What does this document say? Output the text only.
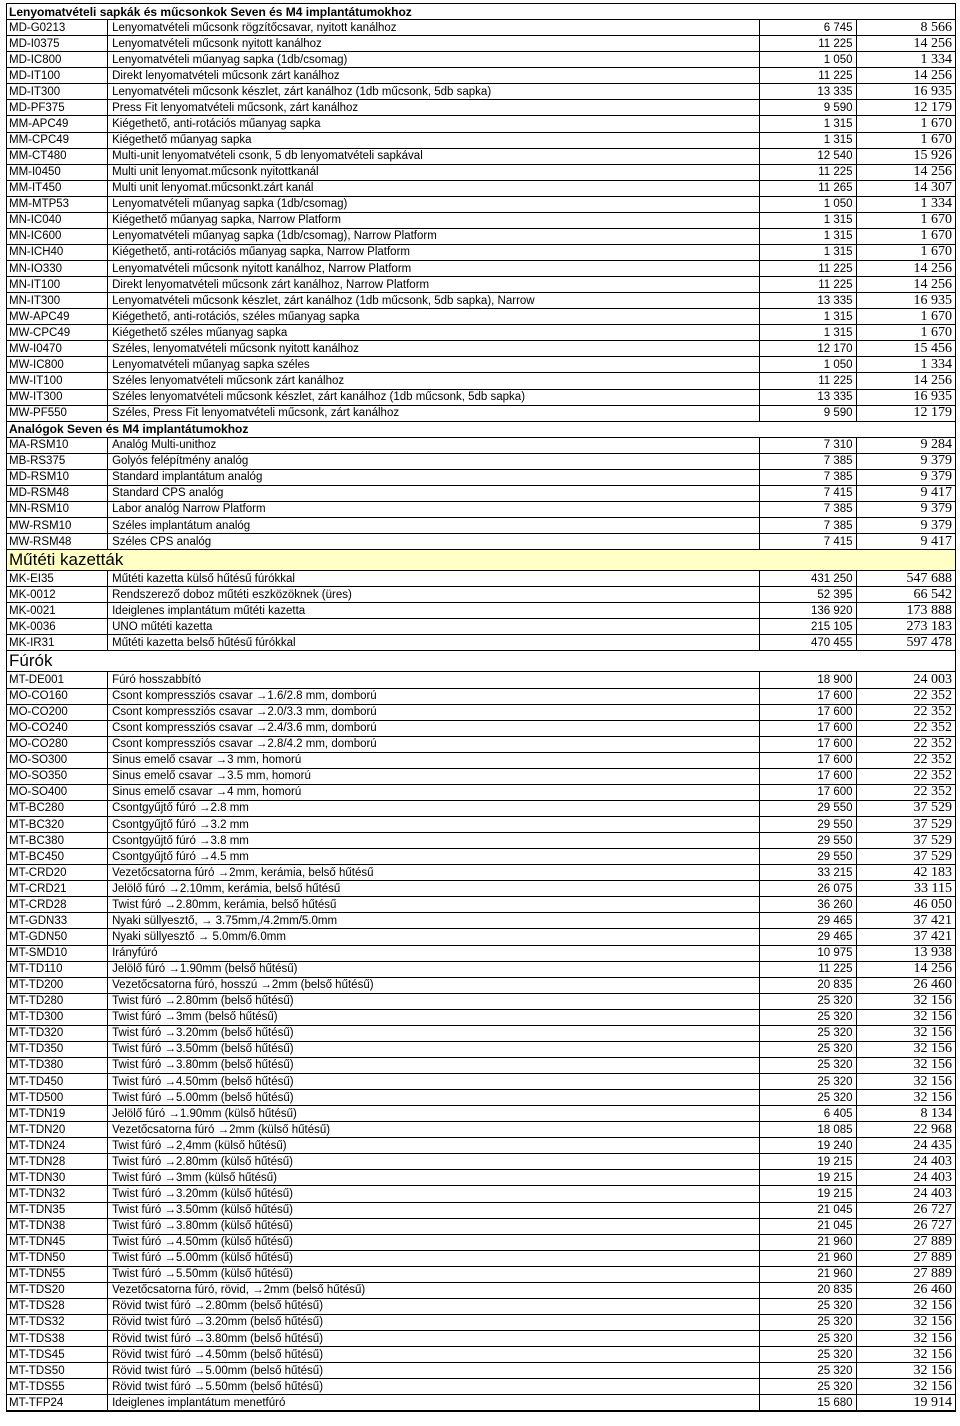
Lenyomatvételi sapkák és műcsonkok Seven és M4 implantátumokhoz
MD-G0213	Lenyomatvételi műcsonk rögzítőcsavar, nyitott kanálhoz	6 745	8 566
MD-I0375	Lenyomatvételi műcsonk nyitott kanálhoz	11 225	14 256
MD-IC800	Lenyomatvételi műanyag sapka (1db/csomag)	1 050	1 334
MD-IT100	Direkt lenyomatvételi műcsonk zárt kanálhoz	11 225	14 256
MD-IT300	Lenyomatvételi műcsonk készlet, zárt kanálhoz (1db műcsonk, 5db sapka)	13 335	16 935
MD-PF375	Press Fit lenyomatvételi műcsonk, zárt kanálhoz	9 590	12 179
MM-APC49	Kiégethető, anti-rotációs műanyag sapka	1 315	1 670
MM-CPC49	Kiégethető műanyag sapka	1 315	1 670
MM-CT480	Multi-unit lenyomatvételi csonk, 5 db lenyomatvételi sapkával	12 540	15 926
MM-I0450	Multi unit lenyomat.műcsonk nyitottkanál	11 225	14 256
MM-IT450	Multi unit lenyomat.műcsonkt.zárt kanál	11 265	14 307
MM-MTP53	Lenyomatvételi műanyag sapka (1db/csomag)	1 050	1 334
MN-IC040	Kiégethető műanyag sapka, Narrow Platform	1 315	1 670
MN-IC600	Lenyomatvételi műanyag sapka (1db/csomag), Narrow Platform	1 315	1 670
MN-ICH40	Kiégethető, anti-rotációs műanyag sapka, Narrow Platform	1 315	1 670
MN-IO330	Lenyomatvételi műcsonk nyitott kanálhoz, Narrow Platform	11 225	14 256
MN-IT100	Direkt lenyomatvételi műcsonk zárt kanálhoz, Narrow Platform	11 225	14 256
MN-IT300	Lenyomatvételi műcsonk készlet, zárt kanálhoz (1db műcsonk, 5db sapka), Narrow	13 335	16 935
MW-APC49	Kiégethető, anti-rotációs, széles műanyag sapka	1 315	1 670
MW-CPC49	Kiégethető széles műanyag sapka	1 315	1 670
MW-I0470	Széles, lenyomatvételi műcsonk nyitott kanálhoz	12 170	15 456
MW-IC800	Lenyomatvételi műanyag sapka széles	1 050	1 334
MW-IT100	Széles lenyomatvételi műcsonk zárt kanálhoz	11 225	14 256
MW-IT300	Széles lenyomatvételi műcsonk készlet, zárt kanálhoz (1db műcsonk, 5db sapka)	13 335	16 935
MW-PF550	Széles, Press Fit lenyomatvételi műcsonk, zárt kanálhoz	9 590	12 179
Analógok Seven és M4 implantátumokhoz
MA-RSM10	Analóg Multi-unithoz	7 310	9 284
MB-RS375	Golyós felépítmény analóg	7 385	9 379
MD-RSM10	Standard implantátum analóg	7 385	9 379
MD-RSM48	Standard CPS analóg	7 415	9 417
MN-RSM10	Labor analóg Narrow Platform	7 385	9 379
MW-RSM10	Széles implantátum analóg	7 385	9 379
MW-RSM48	Széles CPS analóg	7 415	9 417
Műtéti kazetták
MK-EI35	Műtéti kazetta külső hűtésű fúrókkal	431 250	547 688
MK-0012	Rendszerező doboz műtéti eszközöknek (üres)	52 395	66 542
MK-0021	Ideiglenes implantátum műtéti kazetta	136 920	173 888
MK-0036	UNO műtéti kazetta	215 105	273 183
MK-IR31	Műtéti kazetta belső hűtésű fúrókkal	470 455	597 478
Fúrók
MT-DE001	Fúró hosszabbító	18 900	24 003
MO-CO160	Csont kompressziós csavar →1.6/2.8 mm, domború	17 600	22 352
MO-CO200	Csont kompressziós csavar →2.0/3.3 mm, domború	17 600	22 352
MO-CO240	Csont kompressziós csavar →2.4/3.6 mm, domború	17 600	22 352
MO-CO280	Csont kompressziós csavar →2.8/4.2 mm, domború	17 600	22 352
MO-SO300	Sinus emelő csavar →3 mm, homorú	17 600	22 352
MO-SO350	Sinus emelő csavar →3.5 mm, homorú	17 600	22 352
MO-SO400	Sinus emelő csavar →4 mm, homorú	17 600	22 352
MT-BC280	Csontgyűjtő fúró →2.8 mm	29 550	37 529
MT-BC320	Csontgyűjtő fúró →3.2 mm	29 550	37 529
MT-BC380	Csontgyűjtő fúró →3.8 mm	29 550	37 529
MT-BC450	Csontgyűjtő fúró →4.5 mm	29 550	37 529
MT-CRD20	Vezetőcsatorna fúró →2mm, kerámia, belső hűtésű	33 215	42 183
MT-CRD21	Jelölő fúró →2.10mm, kerámia, belső hűtésű	26 075	33 115
MT-CRD28	Twist fúró →2.80mm, kerámia, belső hűtésű	36 260	46 050
MT-GDN33	Nyaki süllyesztő, → 3.75mm,/4.2mm/5.0mm	29 465	37 421
MT-GDN50	Nyaki süllyesztő → 5.0mm/6.0mm	29 465	37 421
MT-SMD10	Irányfúró	10 975	13 938
MT-TD110	Jelölő fúró →1.90mm (belső hűtésű)	11 225	14 256
MT-TD200	Vezetőcsatorna fúró, hosszú →2mm (belső hűtésű)	20 835	26 460
MT-TD280	Twist fúró →2.80mm (belső hűtésű)	25 320	32 156
MT-TD300	Twist fúró →3mm (belső hűtésű)	25 320	32 156
MT-TD320	Twist fúró →3.20mm (belső hűtésű)	25 320	32 156
MT-TD350	Twist fúró →3.50mm (belső hűtésű)	25 320	32 156
MT-TD380	Twist fúró →3.80mm (belső hűtésű)	25 320	32 156
MT-TD450	Twist fúró →4.50mm (belső hűtésű)	25 320	32 156
MT-TD500	Twist fúró →5.00mm (belső hűtésű)	25 320	32 156
MT-TDN19	Jelölő fúró →1.90mm (külső hűtésű)	6 405	8 134
MT-TDN20	Vezetőcsatorna fúró →2mm (külső hűtésű)	18 085	22 968
MT-TDN24	Twist fúró →2,4mm (külső hűtésű)	19 240	24 435
MT-TDN28	Twist fúró →2.80mm (külső hűtésű)	19 215	24 403
MT-TDN30	Twist fúró →3mm (külső hűtésű)	19 215	24 403
MT-TDN32	Twist fúró →3.20mm (külső hűtésű)	19 215	24 403
MT-TDN35	Twist fúró →3.50mm (külső hűtésű)	21 045	26 727
MT-TDN38	Twist fúró →3.80mm (külső hűtésű)	21 045	26 727
MT-TDN45	Twist fúró →4.50mm (külső hűtésű)	21 960	27 889
MT-TDN50	Twist fúró →5.00mm (külső hűtésű)	21 960	27 889
MT-TDN55	Twist fúró →5.50mm (külső hűtésű)	21 960	27 889
MT-TDS20	Vezetőcsatorna fúró, rövid, →2mm (belső hűtésű)	20 835	26 460
MT-TDS28	Rövid twist fúró →2.80mm (belső hűtésű)	25 320	32 156
MT-TDS32	Rövid twist fúró →3.20mm (belső hűtésű)	25 320	32 156
MT-TDS38	Rövid twist fúró →3.80mm (belső hűtésű)	25 320	32 156
MT-TDS45	Rövid twist fúró →4.50mm (belső hűtésű)	25 320	32 156
MT-TDS50	Rövid twist fúró →5.00mm (belső hűtésű)	25 320	32 156
MT-TDS55	Rövid twist fúró →5.50mm (belső hűtésű)	25 320	32 156
MT-TFP24	Ideiglenes implantátum menetfúró	15 680	19 914
